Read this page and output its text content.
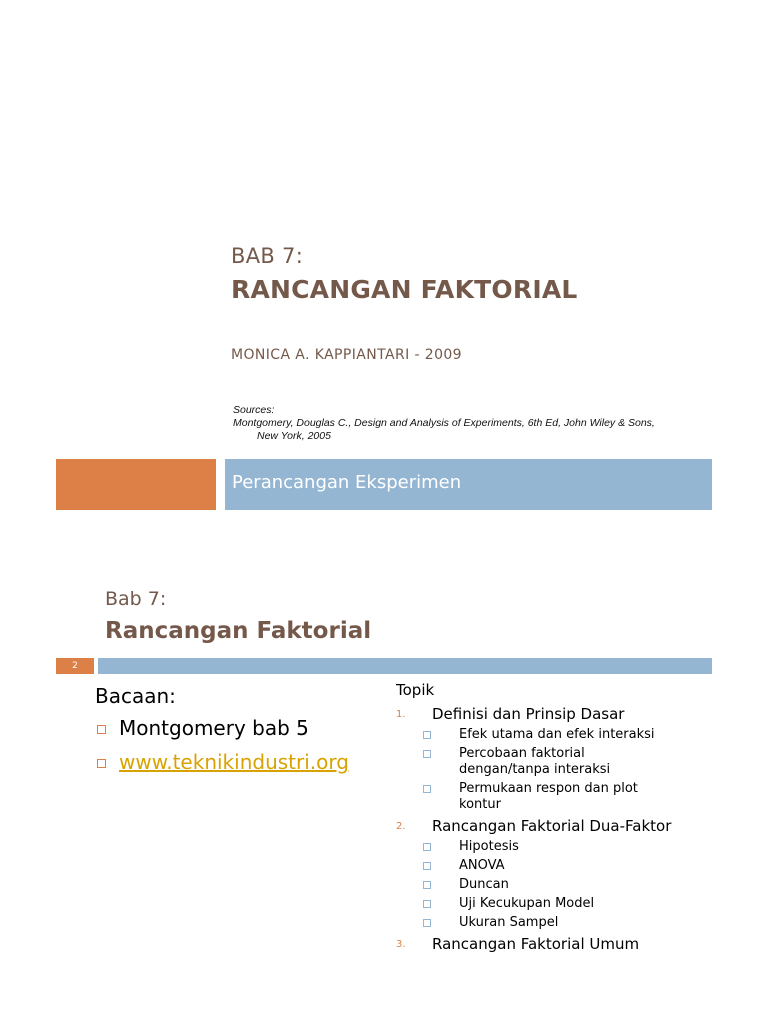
BAB 7:
RANCANGAN FAKTORIAL
MONICA A. KAPPIANTARI - 2009
Sources:
Montgomery, Douglas C., Design and Analysis of Experiments, 6th Ed, John Wiley & Sons,
New York, 2005
Perancangan Eksperimen
Bab 7:
Rancangan Faktorial
2
Bacaan:
Montgomery bab 5
www.teknikindustri.org
Topik
1. Definisi dan Prinsip Dasar
Efek utama dan efek interaksi
Percobaan faktorial dengan/tanpa interaksi
Permukaan respon dan plot kontur
2. Rancangan Faktorial Dua-Faktor
Hipotesis
ANOVA
Duncan
Uji Kecukupan Model
Ukuran Sampel
3. Rancangan Faktorial Umum
